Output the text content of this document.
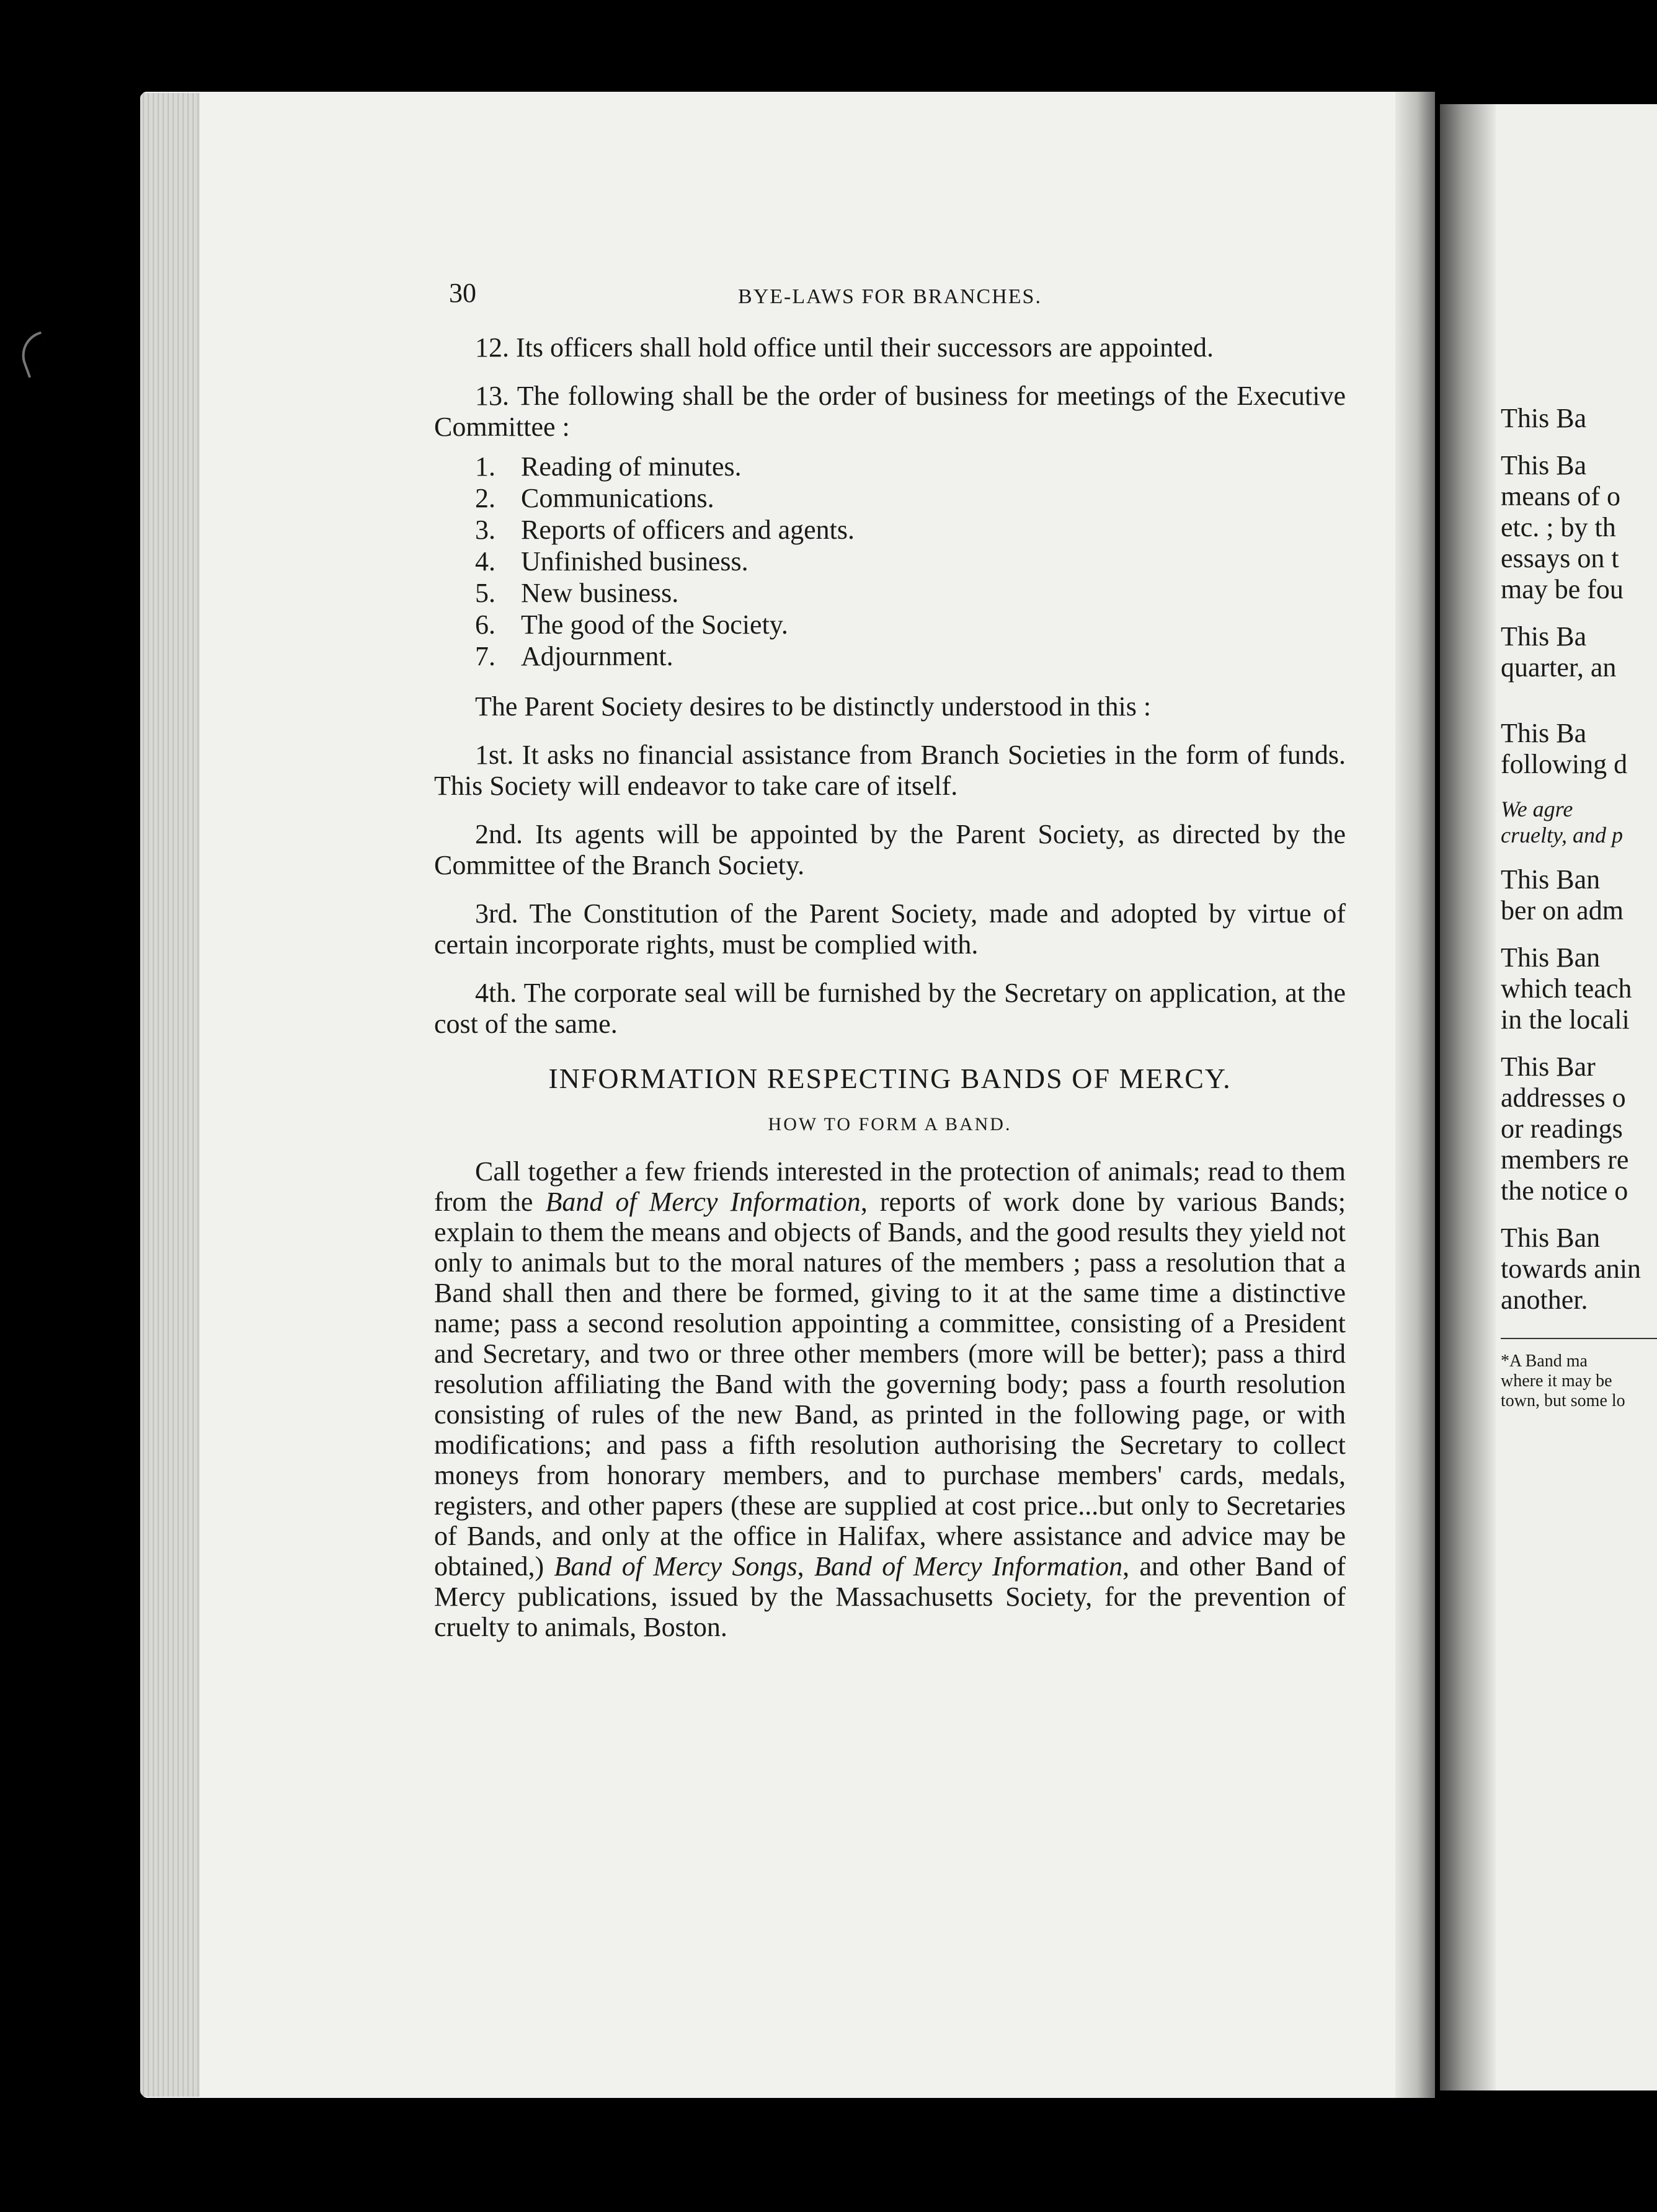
30	BYE-LAWS FOR BRANCHES.

12. Its officers shall hold office until their successors are appointed.

13. The following shall be the order of business for meetings of the Executive Committee :

1. Reading of minutes.
2. Communications.
3. Reports of officers and agents.
4. Unfinished business.
5. New business.
6. The good of the Society.
7. Adjournment.

The Parent Society desires to be distinctly understood in this :

1st. It asks no financial assistance from Branch Societies in the form of funds. This Society will endeavor to take care of itself.

2nd. Its agents will be appointed by the Parent Society, as directed by the Committee of the Branch Society.

3rd. The Constitution of the Parent Society, made and adopted by virtue of certain incorporate rights, must be complied with.

4th. The corporate seal will be furnished by the Secretary on application, at the cost of the same.

INFORMATION RESPECTING BANDS OF MERCY.
HOW TO FORM A BAND.

Call together a few friends interested in the protection of animals; read to them from the Band of Mercy Information, reports of work done by various Bands; explain to them the means and objects of Bands, and the good results they yield not only to animals but to the moral natures of the members ; pass a resolution that a Band shall then and there be formed, giving to it at the same time a distinctive name; pass a second resolution appointing a committee, consisting of a President and Secretary, and two or three other members (more will be better); pass a third resolution affiliating the Band with the governing body; pass a fourth resolution consisting of rules of the new Band, as printed in the following page, or with modifications; and pass a fifth resolution authorising the Secretary to collect moneys from honorary members, and to purchase members' cards, medals, registers, and other papers (these are supplied at cost price...but only to Secretaries of Bands, and only at the office in Halifax, where assistance and advice may be obtained,) Band of Mercy Songs, Band of Mercy Information, and other Band of Mercy publications, issued by the Massachusetts Society, for the prevention of cruelty to animals, Boston.

This Ba

This Ba
means of o
etc. ; by th
essays on t
may be fou

This Ba
quarter, an

This Ba
following d

We agre
cruelty, and p

This Ban
ber on adm

This Ban
which teach
in the locali

This Bar
addresses o
or readings
members re
the notice o

This Ban
towards anin
another.

*A Band ma
where it may be
town, but some lo
